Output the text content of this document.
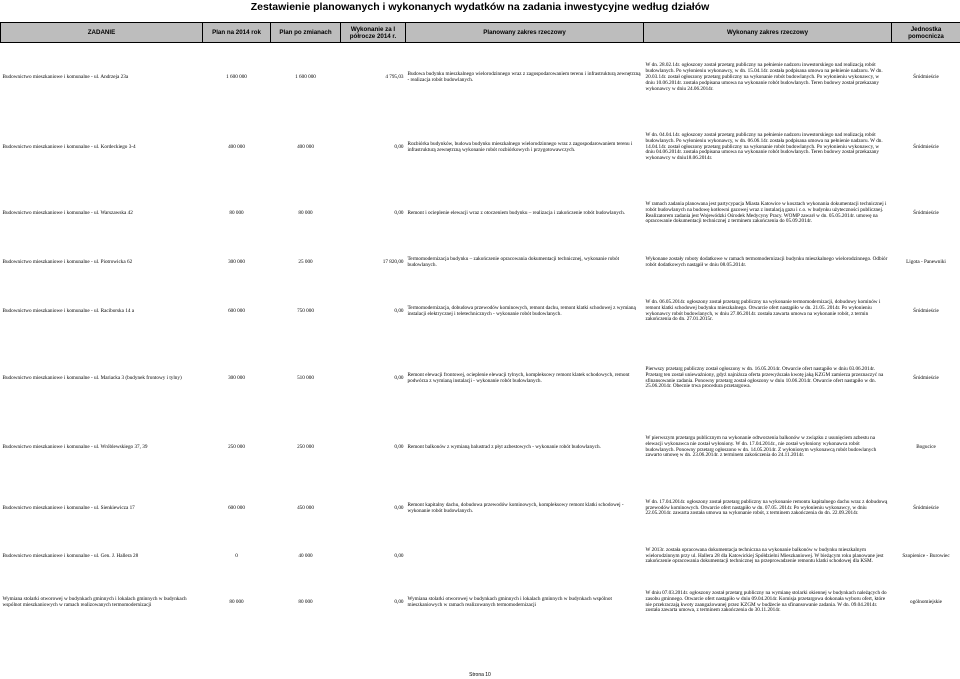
Zestawienie planowanych i wykonanych wydatków na zadania inwestycyjne według działów
ZADANIE	Plan na 2014 rok	Plan po zmianach	Wykonanie za I półrocze 2014 r.	Planowany zakres rzeczowy	Wykonany zakres rzeczowy	Jednostka pomocnicza
Budownictwo mieszkaniowe i komunalne - ul. Andrzeja 23a	1 600 000	1 600 000	4 795,03	Budowa budynku mieszkalnego wielorodzinnego wraz z zagospodarowaniem terenu i infrastrukturą zewnętrzną - realizacja robót budowlanych.	W dn. 28.02.14r. ogłoszony został przetarg publiczny na pełnienie nadzoru inwestorskiego nad realizacją robót budowlanych. Po wyłonieniu wykonawcy, w dn. 15.04.14r. została podpisana umowa na pełnienie nadzoru. W dn. 20.03.14r. został ogłoszony przetarg publiczny na wykonanie robót budowlanych. Po wyłonieniu wykonawcy, w dniu 10.06.2014r. została podpisana umowa na wykonanie robót budowlanych. Teren budowy został przekazany wykonawcy w dniu 24.06.2014r.	Śródmieście
Budownictwo mieszkaniowe i komunalne - ul. Kordeckiego 3-4	400 000	400 000	0,00	Rozbiórka budynków, budowa budynku mieszkalnego wielorodzinnego wraz z zagospodarowaniem terenu i infrastrukturą zewnętrzną wykonanie robót rozbiórkowych i przygotowawczych.	W dn. 04.04.14r. ogłoszony został przetarg publiczny na pełnienie nadzoru inwestorskiego nad realizacją robót budowlanych. Po wyłonieniu wykonawcy, w dn. 06.06.14r. została podpisana umowa na pełnienie nadzoru. W dn. 14.04.14r. został ogłoszony przetarg publiczny na wykonanie robót budowlanych. Po wyłonieniu wykonawcy, w dniu 04.06.2014r. została podpisana umowa na wykonanie robót budowlanych. Teren budowy został przekazany wykonawcy w dniu18.06.2014r.	Śródmieście
Budownictwo mieszkaniowe i komunalne - ul. Warszawska 42	80 000	80 000	0,00	Remont i ocieplenie elewacji wraz z otoczeniem budynku – realizacja i zakończenie robót budowlanych.	W ramach zadania planowana jest partycypacja Miasta Katowice w kosztach wykonania dokumentacji technicznej i robót budowlanych na budowę kotłowni gazowej wraz z instalacją gazu i c.o. w budynku użyteczności publicznej. Realizatorem zadania jest Wojewódzki Ośrodek Medycyny Pracy. WOMP zawarł w dn. 05.05.2014r. umowę na opracowanie dokumentacji technicznej z terminem zakończenia do 05.09.2014r.	Śródmieście
Budownictwo mieszkaniowe i komunalne - ul. Piotrowicka 62	300 000	25 000	17 820,00	Termomodernizacja budynku – zakończenie opracowania dokumentacji technicznej, wykonanie robót budowlanych.	Wykonane zostały roboty dodatkowe w ramach termomodernizacji budynku mieszkalnego wielorodzinnego. Odbiór robót dodatkowych nastąpił w dniu 08.05.2014r.	Ligota - Panewniki
Budownictwo mieszkaniowe i komunalne - ul. Raciborska 14 a	600 000	750 000	0,00	Termomodernizacja, dobudowa przewodów kominowych, remont dachu, remont klatki schodowej z wymianą instalacji elektrycznej i teletechnicznych - wykonanie robót budowlanych.	W dn. 06.05.2014r. ogłoszony został przetarg publiczny na wykonanie termomodernizacji, dobudowy kominów i remont klatki schodowej budynku mieszkalnego. Otwarcie ofert nastąpiło w dn. 21.05. 2014r. Po wyłonieniu wykonawcy robót budowlanych, w dniu 27.06.2014r. została zawarta umowa na wykonanie robót, z termin zakończenia do dn. 27.01.2015r.	Śródmieście
Budownictwo mieszkaniowe i komunalne - ul. Mariacka 3 (budynek frontowy i tylny)	300 000	510 000	0,00	Remont elewacji frontowej, ocieplenie elewacji tylnych, kompleksowy remont klatek schodowych, remont podwórza z wymianą instalacji - wykonanie robót budowlanych.	Pierwszy przetarg publiczny został ogłoszony w dn. 16.05.2014r. Otwarcie ofert nastąpiło w dniu 03.06.2014r. Przetarg ten został unieważniony, gdyż najniższa oferta przewyższała kwotę jaką KZGM zamierza przeznaczyć na sfinansowanie zadania. Ponowny przetarg został ogłoszony w dniu 10.06.2014r. Otwarcie ofert nastąpiło w dn. 25.06.2014r. Obecnie trwa procedura przetargowa.	Śródmieście
Budownictwo mieszkaniowe i komunalne - ul. Wróblewskiego 37, 39	250 000	250 000	0,00	Remont balkonów z wymianą balustrad z płyt azbestowych - wykonanie robót budowlanych.	W pierwszym przetargu publicznym na wykonanie odtworzenia balkonów w związku z usunięciem azbestu na elewacji wykonawca nie został wyłoniony. W dn. 17.04.2014r., nie został wyłoniony wykonawca robót budowlanych. Ponowny przetarg ogłoszono w dn. 14.05.2014r. Z wyłonionym wykonawcą robót budowlanych zawarto umowę w dn. 23.06.2014r. z terminem zakończenia do 24.11.2014r.	Bogucice
Budownictwo mieszkaniowe i komunalne - ul. Sienkiewicza 17	600 000	450 000	0,00	Remont kapitalny dachu, dobudowa przewodów kominowych, kompleksowy remont klatki schodowej - wykonanie robót budowlanych.	W dn. 17.04.2014r. ogłoszony został przetarg publiczny na wykonanie remontu kapitalnego dachu wraz z dobudową przewodów kominowych. Otwarcie ofert nastąpiło w dn. 07.05. 2014r. Po wyłonieniu wykonawcy, w dniu 22.05.2014r. zawarta została umowa na wykonanie robót, z terminem zakończenia do dn. 22.09.2014r.	Śródmieście
Budownictwo mieszkaniowe i komunalne - ul. Gen. J. Hallera 28	0	40 000	0,00		W 2013r. została opracowana dokumentacja techniczna na wykonanie balkonów w budynku mieszkalnym wielorodzinnym przy ul. Hallera 28 dla Katowickiej Spółdzielni Mieszkaniowej. W bieżącym roku planowane jest zakończenie opracowania dokumentacji technicznej na przeprowadzenie remontu klatki schodowej dla KSM.	Szopienice - Burowiec
Wymiana stolarki otworowej w budynkach gminnych i lokalach gminnych w budynkach wspólnot mieszkaniowych w ramach realizowanych termomodernizacji	80 000	80 000	0,00	Wymiana stolarki otworowej w budynkach gminnych i lokalach gminnych w budynkach wspólnot mieszkaniowych w ramach realizowanych termomodernizacji	W dniu 07.03.2014r. ogłoszony został przetarg publiczny na wymianę stolarki okiennej w budynkach należących do zasobu gminnego. Otwarcie ofert nastąpiło w dniu 09.04.2014r. Komisja przetargowa dokonała wyboru ofert, które nie przekraczają kwoty zaangażowanej przez KZGM w budżecie na sfinansowanie zadania. W dn. 09.04.2014r. została zawarta umowa, z terminem zakończenia do 30.11.2014r.	ogólnomiejskie
Strona 10
